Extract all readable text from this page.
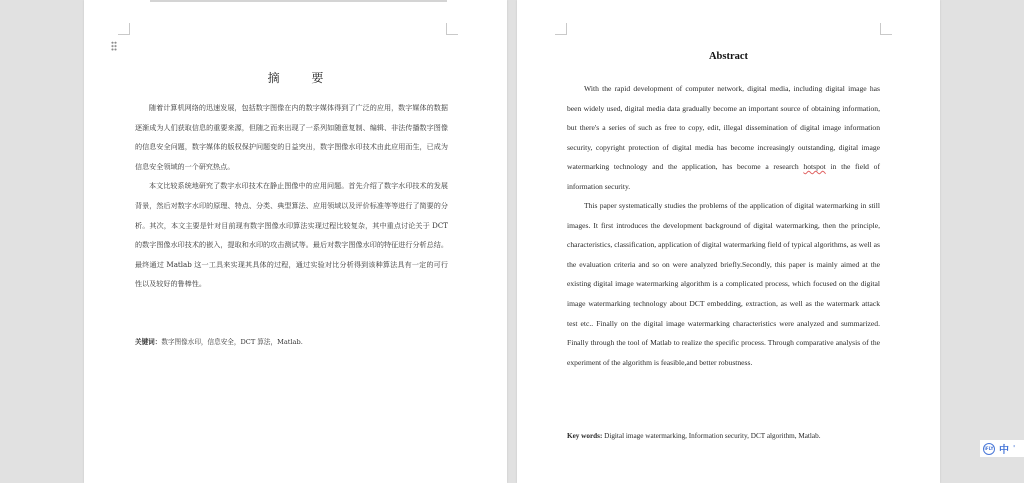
摘 要

随着计算机网络的迅速发展，包括数字图像在内的数字媒体得到了广泛的应用，数字媒体的数据逐渐成为人们获取信息的重要来源，但随之而来出现了一系列如随意复制、编辑、非法传播数字图像的信息安全问题，数字媒体的版权保护问题变的日益突出，数字图像水印技术由此应用而生，已成为信息安全领域的一个研究热点。

本文比较系统地研究了数字水印技术在静止图像中的应用问题。首先介绍了数字水印技术的发展背景，然后对数字水印的原理、特点、分类、典型算法、应用领域以及评价标准等等进行了简要的分析。其次，本文主要是针对目前现有数字图像水印算法实现过程比较复杂，其中重点讨论关于 DCT 的数字图像水印技术的嵌入，提取和水印的攻击测试等。最后对数字图像水印的特征进行分析总结。最终通过 Matlab 这一工具来实现其具体的过程，通过实验对比分析得到该种算法具有一定的可行性以及较好的鲁棒性。

关键词：数字图像水印，信息安全，DCT 算法，Matlab.
Abstract

With the rapid development of computer network, digital media, including digital image has been widely used, digital media data gradually become an important source of obtaining information, but there's a series of such as free to copy, edit, illegal dissemination of digital image information security, copyright protection of digital media has become increasingly outstanding, digital image watermarking technology and the application, has become a research hotspot in the field of information security.

This paper systematically studies the problems of the application of digital watermarking in still images. It first introduces the development background of digital watermarking, then the principle, characteristics, classification, application of digital watermarking field of typical algorithms, as well as the evaluation criteria and so on were analyzed briefly.Secondly, this paper is mainly aimed at the existing digital image watermarking algorithm is a complicated process, which focused on the digital image watermarking technology about DCT embedding, extraction, as well as the watermark attack test etc.. Finally on the digital image watermarking characteristics were analyzed and summarized. Finally through the tool of Matlab to realize the specific process. Through comparative analysis of the experiment of the algorithm is feasible,and better robustness.

Key words: Digital image watermarking, Information security, DCT algorithm, Matlab.
iFLY 中 '
